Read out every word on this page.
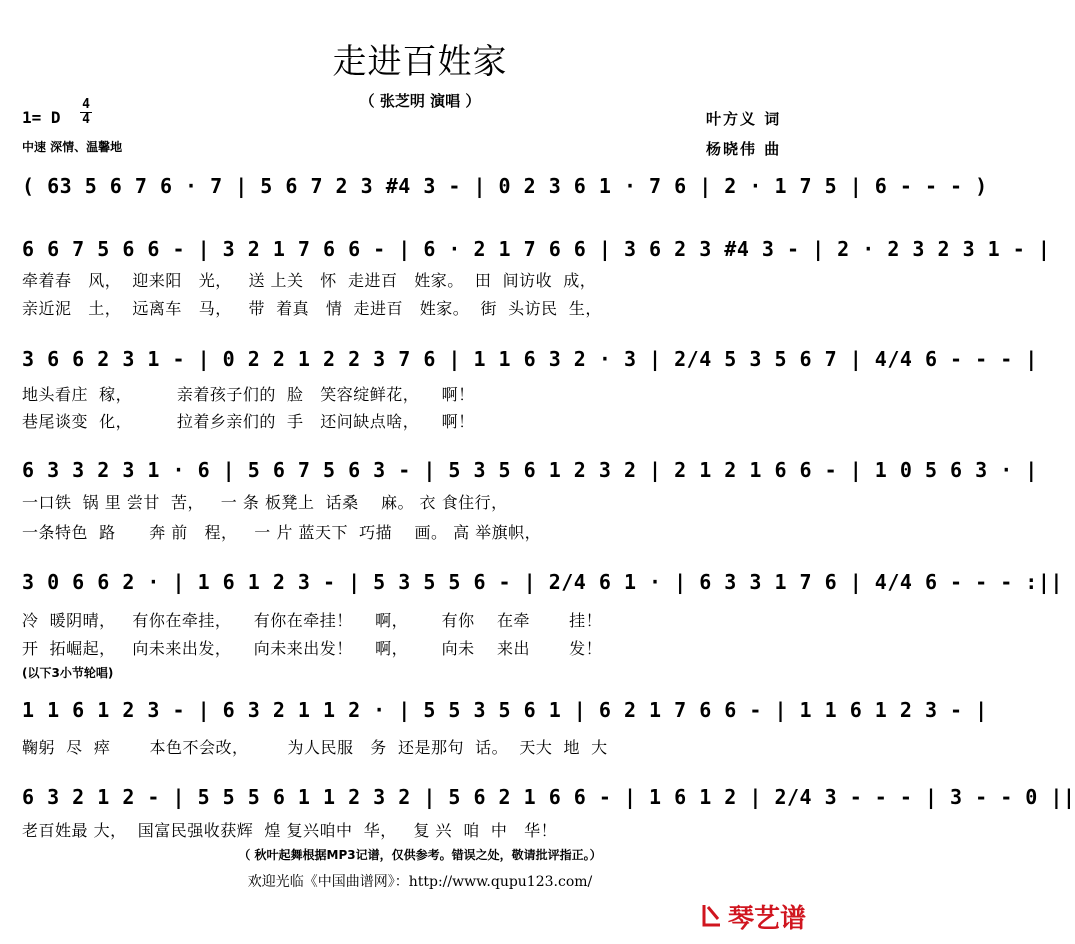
走进百姓家
（ 张芝明 演唱 ）
1= D
4
4
中速 深情、温馨地
叶方义 词
杨晓伟 曲
( 63 5 6 7 6 · 7 | 5 6 7 2 3 #4 3 - | 0 2 3 6 1 · 7 6 | 2 · 1 7 5 | 6 - - - )
6 6 7 5 6 6 - | 3 2 1 7 6 6 - | 6 · 2 1 7 6 6 | 3 6 2 3 #4 3 - | 2 · 2 3 2 3 1 - |
牵着春   风，  迎来阳   光，   送 上关   怀  走进百   姓家。  田  间访收  成，
亲近泥   土，  远离车   马，   带  着真   情  走进百   姓家。  街  头访民  生，
3 6 6 2 3 1 - | 0 2 2 1 2 2 3 7 6 | 1 1 6 3 2 · 3 | 2/4 5 3 5 6 7 | 4/4 6 - - - |
地头看庄  稼，        亲着孩子们的  脸   笑容绽鲜花，    啊！
巷尾谈变  化，        拉着乡亲们的  手   还问缺点啥，    啊！
6 3 3 2 3 1 · 6 | 5 6 7 5 6 3 - | 5 3 5 6 1 2 3 2 | 2 1 2 1 6 6 - | 1 0 5 6 3 · |
一口铁  锅 里 尝甘  苦，   一 条 板凳上  话桑    麻。 衣 食住行，
一条特色  路      奔 前   程，   一 片 蓝天下  巧描    画。 高 举旗帜，
3 0 6 6 2 · | 1 6 1 2 3 - | 5 3 5 5 6 - | 2/4 6 1 · | 6 3 3 1 7 6 | 4/4 6 - - - :||
冷  暖阴晴，   有你在牵挂，    有你在牵挂！    啊，      有你    在牵       挂！
开  拓崛起，   向未来出发，    向未来出发！    啊，      向未    来出       发！
(以下3小节轮唱)
1 1 6 1 2 3 - | 6 3 2 1 1 2 · | 5 5 3 5 6 1 | 6 2 1 7 6 6 - | 1 1 6 1 2 3 - |
鞠躬  尽  瘁       本色不会改，       为人民服   务  还是那句  话。  天大  地  大
6 3 2 1 2 - | 5 5 5 6 1 1 2 3 2 | 5 6 2 1 6 6 - | 1 6 1 2 | 2/4 3 - - - | 3 - - 0 ||
老百姓最 大，  国富民强收获辉  煌 复兴咱中  华，   复 兴  咱  中   华！
（ 秋叶起舞根据MP3记谱，仅供参考。错误之处，敬请批评指正。）
欢迎光临《中国曲谱网》：http://www.qupu123.com/
琴艺谱
